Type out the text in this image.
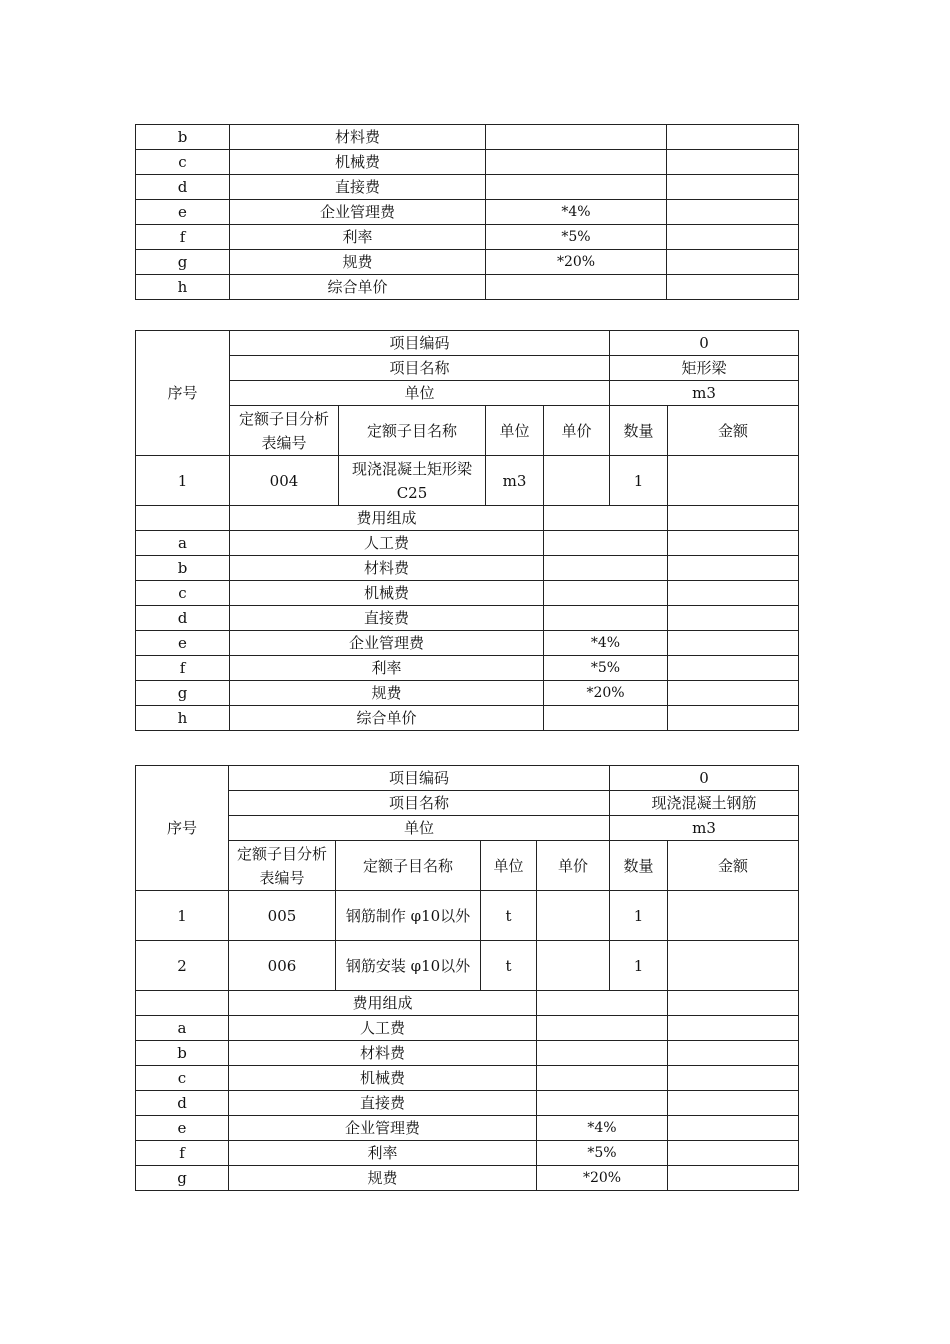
b	材料费		
c	机械费		
d	直接费		
e	企业管理费	*4%	
f	利率	*5%	
g	规费	*20%	
h	综合单价		
序号	项目编码				0	
	项目名称				矩形梁	
	单位				m3	
	定额子目分析表编号	定额子目名称	单位	单价	数量	金额
1	004	现浇混凝土矩形梁 C25	m3		1	
	费用组成					
a	人工费					
b	材料费					
c	机械费					
d	直接费					
e	企业管理费			*4%		
f	利率			*5%		
g	规费			*20%		
h	综合单价					
序号	项目编码				0	
	项目名称				现浇混凝土钢筋	
	单位				m3	
	定额子目分析表编号	定额子目名称	单位	单价	数量	金额
1	005	钢筋制作 φ10以外	t		1	
2	006	钢筋安装 φ10以外	t		1	
	费用组成					
a	人工费					
b	材料费					
c	机械费					
d	直接费					
e	企业管理费			*4%		
f	利率			*5%		
g	规费			*20%		
